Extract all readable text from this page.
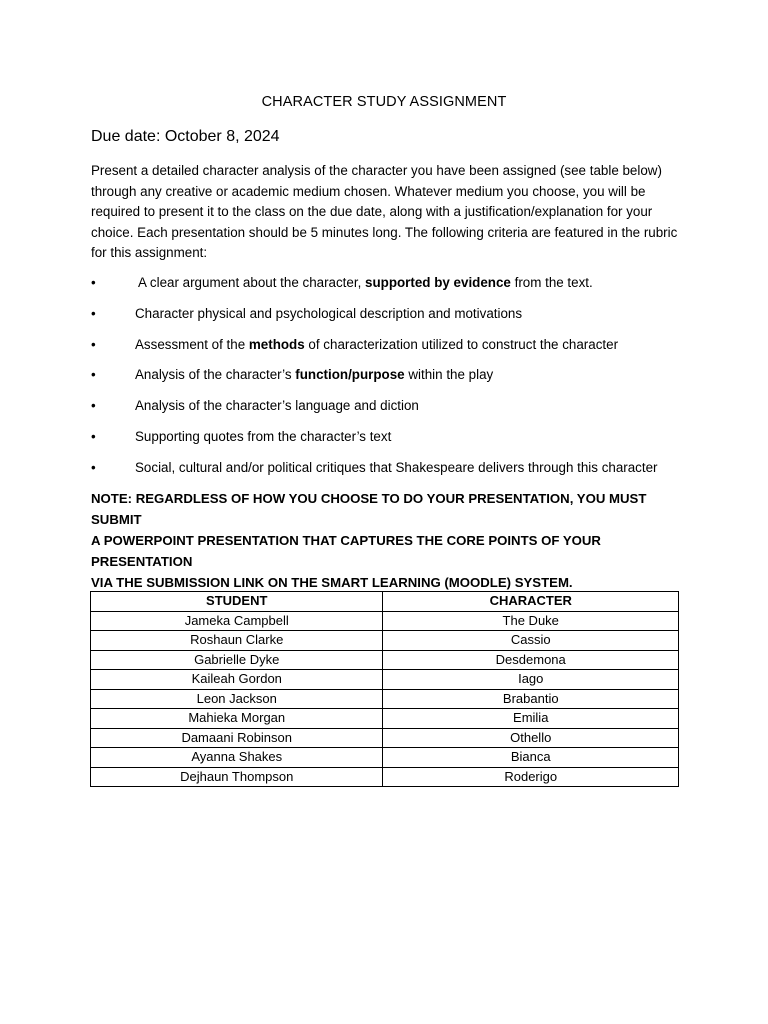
CHARACTER STUDY ASSIGNMENT
Due date: October 8, 2024

Present a detailed character analysis of the character you have been assigned (see table below) through any creative or academic medium chosen. Whatever medium you choose, you will be required to present it to the class on the due date, along with a justification/explanation for your choice. Each presentation should be 5 minutes long. The following criteria are featured in the rubric for this assignment:

•	A clear argument about the character, supported by evidence from the text.
•	Character physical and psychological description and motivations
•	Assessment of the methods of characterization utilized to construct the character
•	Analysis of the character’s function/purpose within the play
•	Analysis of the character’s language and diction
•	Supporting quotes from the character’s text
•	Social, cultural and/or political critiques that Shakespeare delivers through this character
NOTE: REGARDLESS OF HOW YOU CHOOSE TO DO YOUR PRESENTATION, YOU MUST SUBMIT
A POWERPOINT PRESENTATION THAT CAPTURES THE CORE POINTS OF YOUR PRESENTATION
VIA THE SUBMISSION LINK ON THE SMART LEARNING (MOODLE) SYSTEM.
STUDENT	CHARACTER
Jameka Campbell	The Duke
Roshaun Clarke	Cassio
Gabrielle Dyke	Desdemona
Kaileah Gordon	Iago
Leon Jackson	Brabantio
Mahieka Morgan	Emilia
Damaani Robinson	Othello
Ayanna Shakes	Bianca
Dejhaun Thompson	Roderigo
